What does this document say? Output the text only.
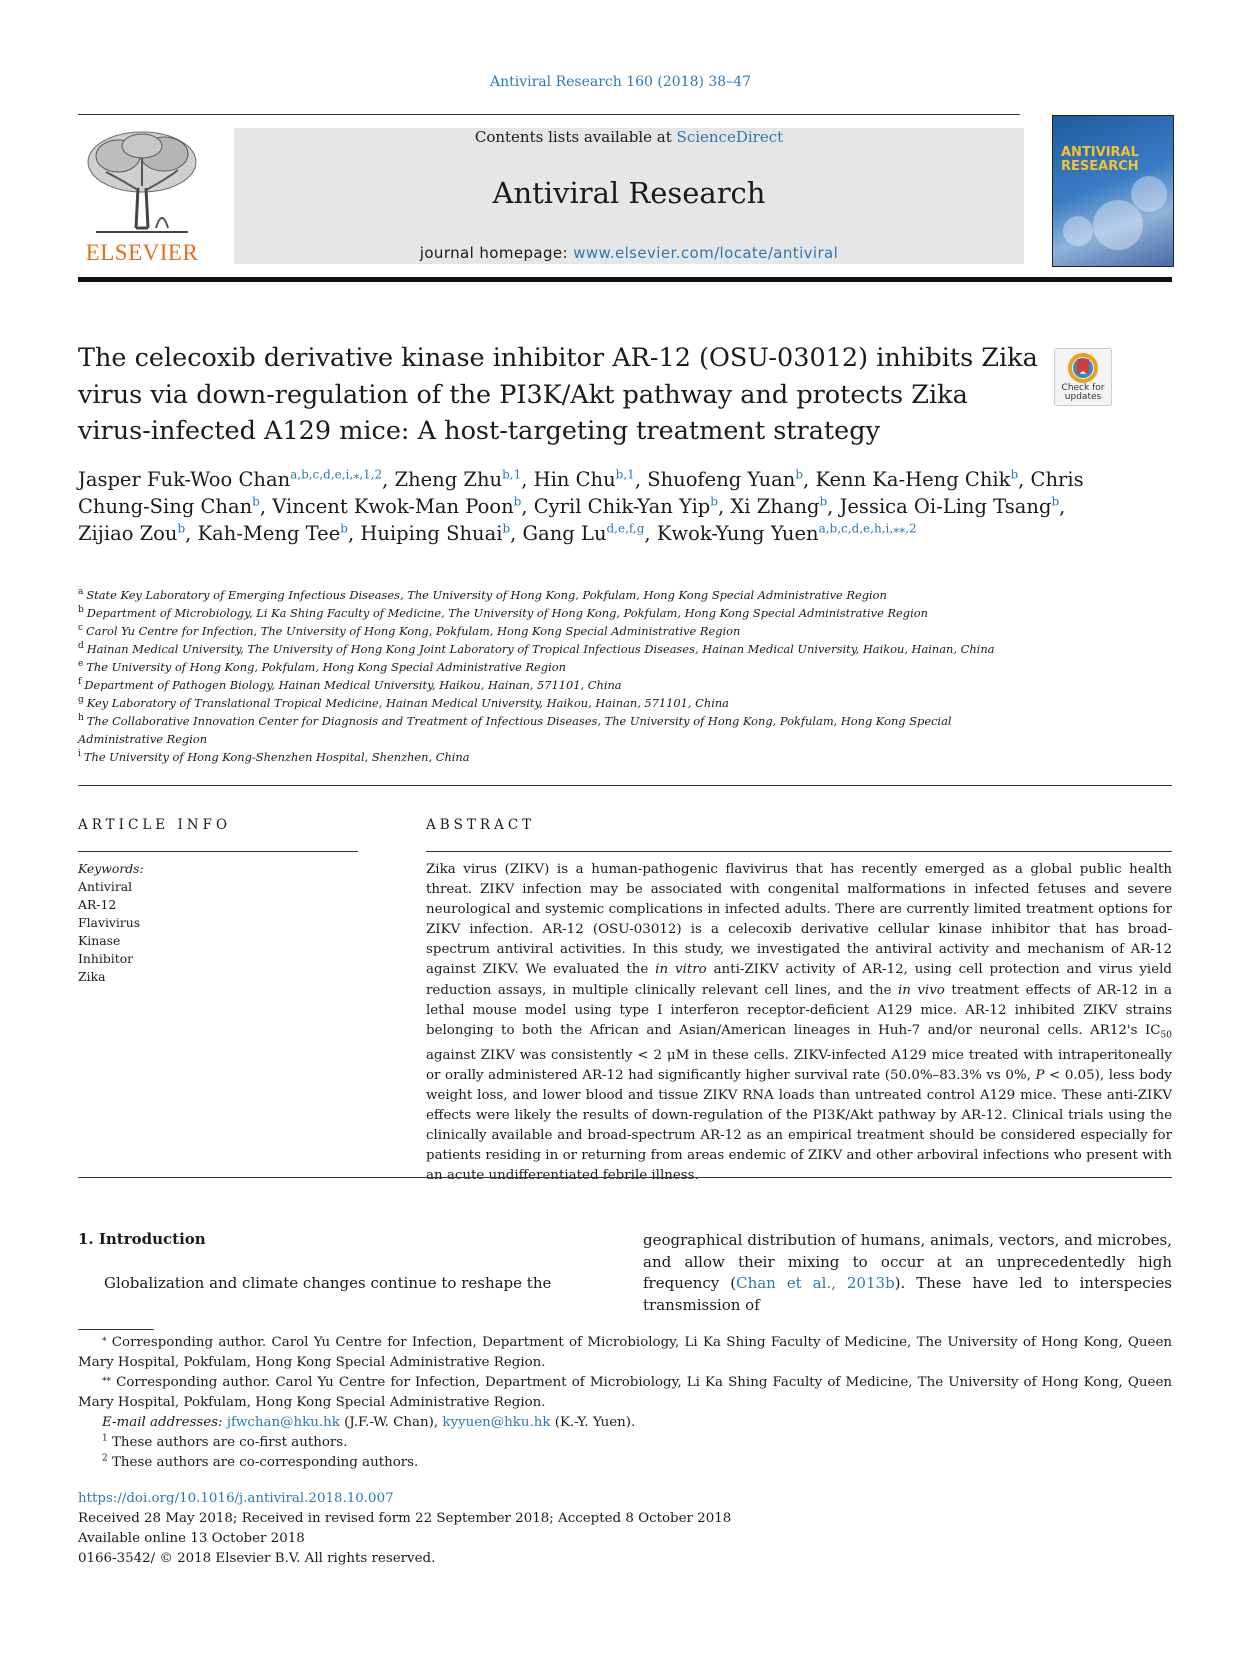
Antiviral Research 160 (2018) 38–47
ELSEVIER
Contents lists available at ScienceDirect
Antiviral Research
journal homepage: www.elsevier.com/locate/antiviral
ANTIVIRAL
RESEARCH
The celecoxib derivative kinase inhibitor AR-12 (OSU-03012) inhibits Zika virus via down-regulation of the PI3K/Akt pathway and protects Zika virus-infected A129 mice: A host-targeting treatment strategy
Check for
updates
Jasper Fuk-Woo Chan$^{a,b,c,d,e,i,⁎,1,2}$, Zheng Zhu$^{b,1}$, Hin Chu$^{b,1}$, Shuofeng Yuan$^b$, Kenn Ka-Heng Chik$^b$, Chris Chung-Sing Chan$^b$, Vincent Kwok-Man Poon$^b$, Cyril Chik-Yan Yip$^b$, Xi Zhang$^b$, Jessica Oi-Ling Tsang$^b$, Zijiao Zou$^b$, Kah-Meng Tee$^b$, Huiping Shuai$^b$, Gang Lu$^{d,e,f,g}$, Kwok-Yung Yuen$^{a,b,c,d,e,h,i,⁎⁎,2}$
$^a$ State Key Laboratory of Emerging Infectious Diseases, The University of Hong Kong, Pokfulam, Hong Kong Special Administrative Region
$^b$ Department of Microbiology, Li Ka Shing Faculty of Medicine, The University of Hong Kong, Pokfulam, Hong Kong Special Administrative Region
$^c$ Carol Yu Centre for Infection, The University of Hong Kong, Pokfulam, Hong Kong Special Administrative Region
$^d$ Hainan Medical University, The University of Hong Kong Joint Laboratory of Tropical Infectious Diseases, Hainan Medical University, Haikou, Hainan, China
$^e$ The University of Hong Kong, Pokfulam, Hong Kong Special Administrative Region
$^f$ Department of Pathogen Biology, Hainan Medical University, Haikou, Hainan, 571101, China
$^g$ Key Laboratory of Translational Tropical Medicine, Hainan Medical University, Haikou, Hainan, 571101, China
$^h$ The Collaborative Innovation Center for Diagnosis and Treatment of Infectious Diseases, The University of Hong Kong, Pokfulam, Hong Kong Special Administrative Region
$^i$ The University of Hong Kong-Shenzhen Hospital, Shenzhen, China
ARTICLE INFO
Keywords:
Antiviral
AR-12
Flavivirus
Kinase
Inhibitor
Zika
ABSTRACT
Zika virus (ZIKV) is a human-pathogenic flavivirus that has recently emerged as a global public health threat. ZIKV infection may be associated with congenital malformations in infected fetuses and severe neurological and systemic complications in infected adults. There are currently limited treatment options for ZIKV infection. AR-12 (OSU-03012) is a celecoxib derivative cellular kinase inhibitor that has broad-spectrum antiviral activities. In this study, we investigated the antiviral activity and mechanism of AR-12 against ZIKV. We evaluated the in vitro anti-ZIKV activity of AR-12, using cell protection and virus yield reduction assays, in multiple clinically relevant cell lines, and the in vivo treatment effects of AR-12 in a lethal mouse model using type I interferon receptor-deficient A129 mice. AR-12 inhibited ZIKV strains belonging to both the African and Asian/American lineages in Huh-7 and/or neuronal cells. AR12's $IC_{50}$ against ZIKV was consistently < 2 μM in these cells. ZIKV-infected A129 mice treated with intraperitoneally or orally administered AR-12 had significantly higher survival rate (50.0%–83.3% vs 0%, P < 0.05), less body weight loss, and lower blood and tissue ZIKV RNA loads than untreated control A129 mice. These anti-ZIKV effects were likely the results of down-regulation of the PI3K/Akt pathway by AR-12. Clinical trials using the clinically available and broad-spectrum AR-12 as an empirical treatment should be considered especially for patients residing in or returning from areas endemic of ZIKV and other arboviral infections who present with an acute undifferentiated febrile illness.
1. Introduction
Globalization and climate changes continue to reshape the
geographical distribution of humans, animals, vectors, and microbes, and allow their mixing to occur at an unprecedentedly high frequency (Chan et al., 2013b). These have led to interspecies transmission of

⁎ Corresponding author. Carol Yu Centre for Infection, Department of Microbiology, Li Ka Shing Faculty of Medicine, The University of Hong Kong, Queen Mary Hospital, Pokfulam, Hong Kong Special Administrative Region.

⁎⁎ Corresponding author. Carol Yu Centre for Infection, Department of Microbiology, Li Ka Shing Faculty of Medicine, The University of Hong Kong, Queen Mary Hospital, Pokfulam, Hong Kong Special Administrative Region.

E-mail addresses: jfwchan@hku.hk (J.F.-W. Chan), kyyuen@hku.hk (K.-Y. Yuen).

$^1$ These authors are co-first authors.

$^2$ These authors are co-corresponding authors.

https://doi.org/10.1016/j.antiviral.2018.10.007
Received 28 May 2018; Received in revised form 22 September 2018; Accepted 8 October 2018
Available online 13 October 2018
0166-3542/ © 2018 Elsevier B.V. All rights reserved.
